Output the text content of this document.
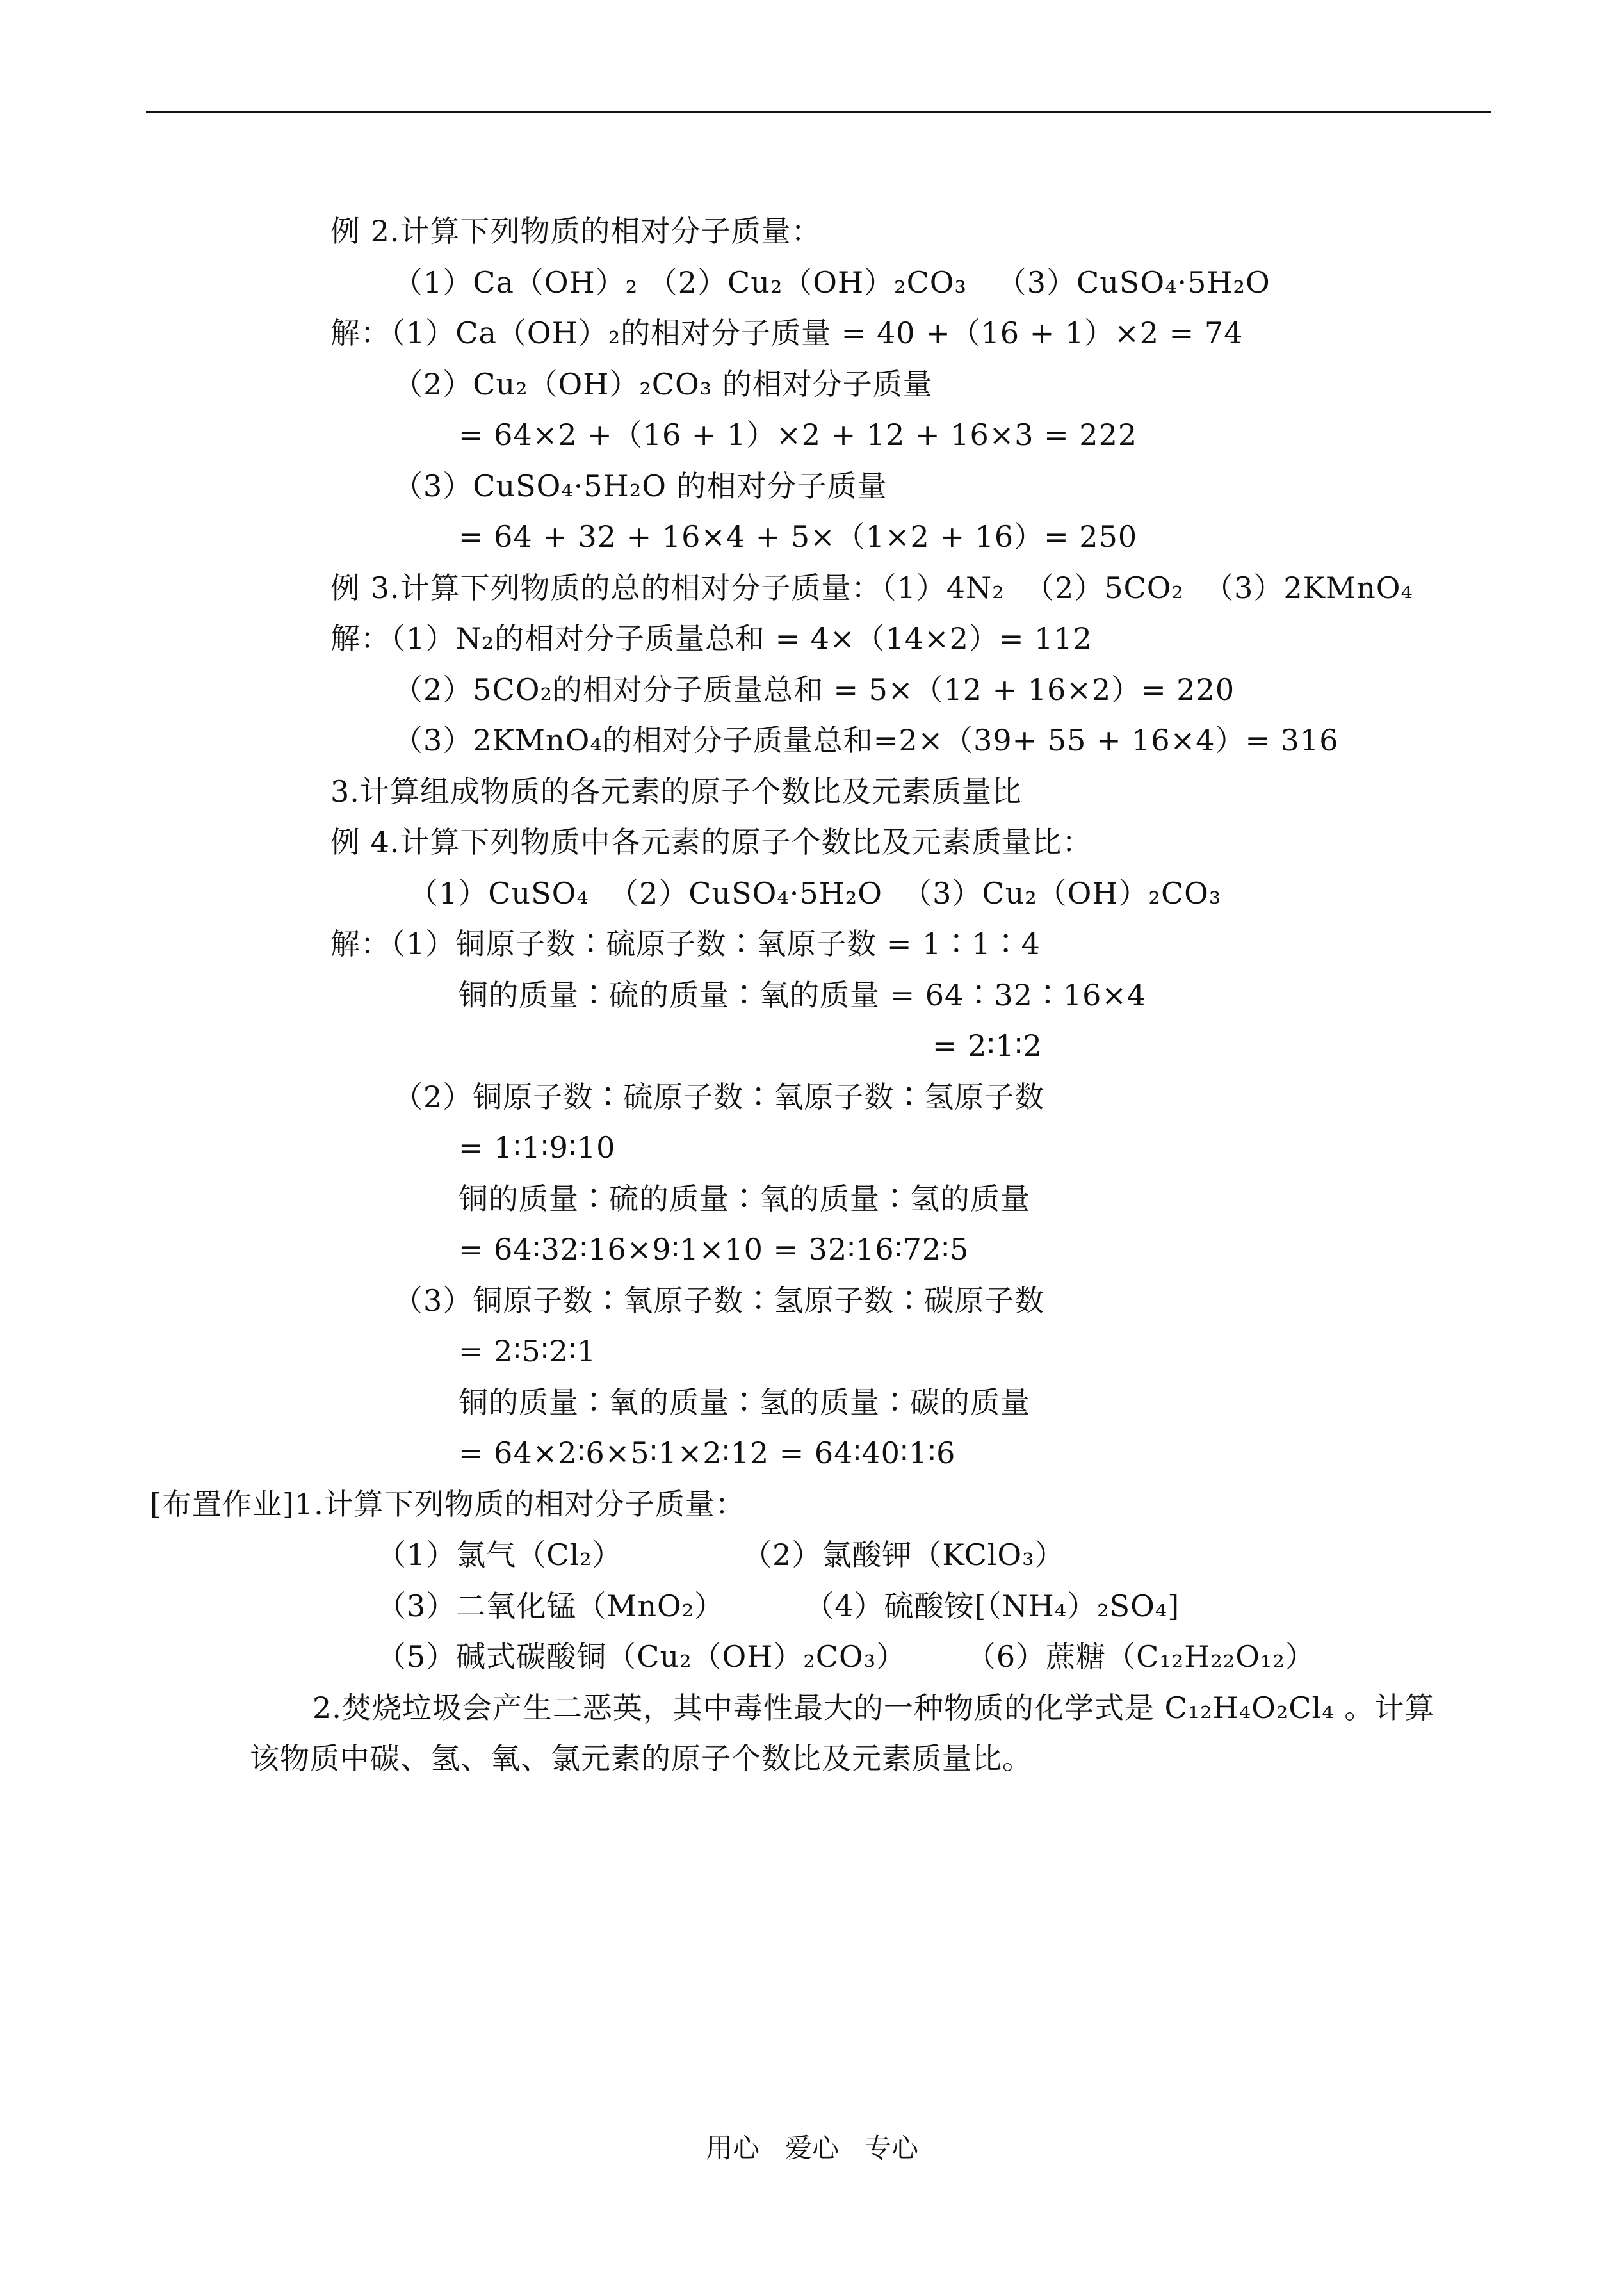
例 2.计算下列物质的相对分子质量：
（1）Ca（OH）₂ （2）Cu₂（OH）₂CO₃   （3）CuSO₄·5H₂O
解：（1）Ca（OH）₂的相对分子质量 = 40 +（16 + 1）×2 = 74
（2）Cu₂（OH）₂CO₃ 的相对分子质量
= 64×2 +（16 + 1）×2 + 12 + 16×3 = 222
（3）CuSO₄·5H₂O 的相对分子质量
= 64 + 32 + 16×4 + 5×（1×2 + 16）= 250
例 3.计算下列物质的总的相对分子质量：（1）4N₂  （2）5CO₂  （3）2KMnO₄
解：（1）N₂的相对分子质量总和 = 4×（14×2）= 112
（2）5CO₂的相对分子质量总和 = 5×（12 + 16×2）= 220
（3）2KMnO₄的相对分子质量总和=2×（39+ 55 + 16×4）= 316
3.计算组成物质的各元素的原子个数比及元素质量比
例 4.计算下列物质中各元素的原子个数比及元素质量比：
（1）CuSO₄  （2）CuSO₄·5H₂O  （3）Cu₂（OH）₂CO₃
解：（1）铜原子数∶硫原子数∶氧原子数 = 1∶1∶4
铜的质量∶硫的质量∶氧的质量 = 64∶32∶16×4
= 2∶1∶2
（2）铜原子数∶硫原子数∶氧原子数∶氢原子数
= 1∶1∶9∶10
铜的质量∶硫的质量∶氧的质量∶氢的质量
= 64∶32∶16×9∶1×10 = 32∶16∶72∶5
（3）铜原子数∶氧原子数∶氢原子数∶碳原子数
= 2∶5∶2∶1
铜的质量∶氧的质量∶氢的质量∶碳的质量
= 64×2∶6×5∶1×2∶12 = 64∶40∶1∶6
[布置作业]1.计算下列物质的相对分子质量：
（1）氯气（Cl₂）            （2）氯酸钾（KClO₃）
（3）二氧化锰（MnO₂）        （4）硫酸铵[（NH₄）₂SO₄]
（5）碱式碳酸铜（Cu₂（OH）₂CO₃）      （6）蔗糖（C₁₂H₂₂O₁₂）
2.焚烧垃圾会产生二恶英，其中毒性最大的一种物质的化学式是 C₁₂H₄O₂Cl₄ 。计算
该物质中碳、氢、氧、氯元素的原子个数比及元素质量比。
用心   爱心   专心
